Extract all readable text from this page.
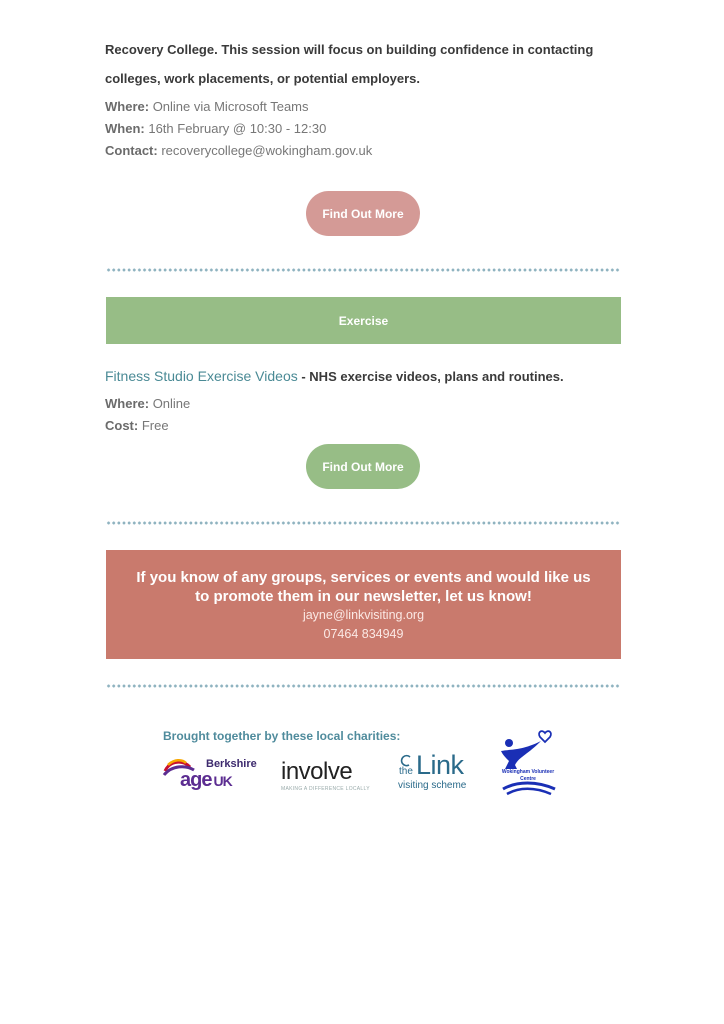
Recovery College. This session will focus on building confidence in contacting
colleges, work placements, or potential employers.
Where: Online via Microsoft Teams
When: 16th February @ 10:30 - 12:30
Contact: recoverycollege@wokingham.gov.uk
Find Out More
Exercise
Fitness Studio Exercise Videos - NHS exercise videos, plans and routines.
Where: Online
Cost: Free
Find Out More
If you know of any groups, services or events and would like us
to promote them in our newsletter, let us know!
jayne@linkvisiting.org
07464 834949
Brought together by these local charities:
Berkshire
age UK involve
MAKING A DIFFERENCE LOCALLY
the Link
visiting scheme
Wokingham Volunteer
Centre
